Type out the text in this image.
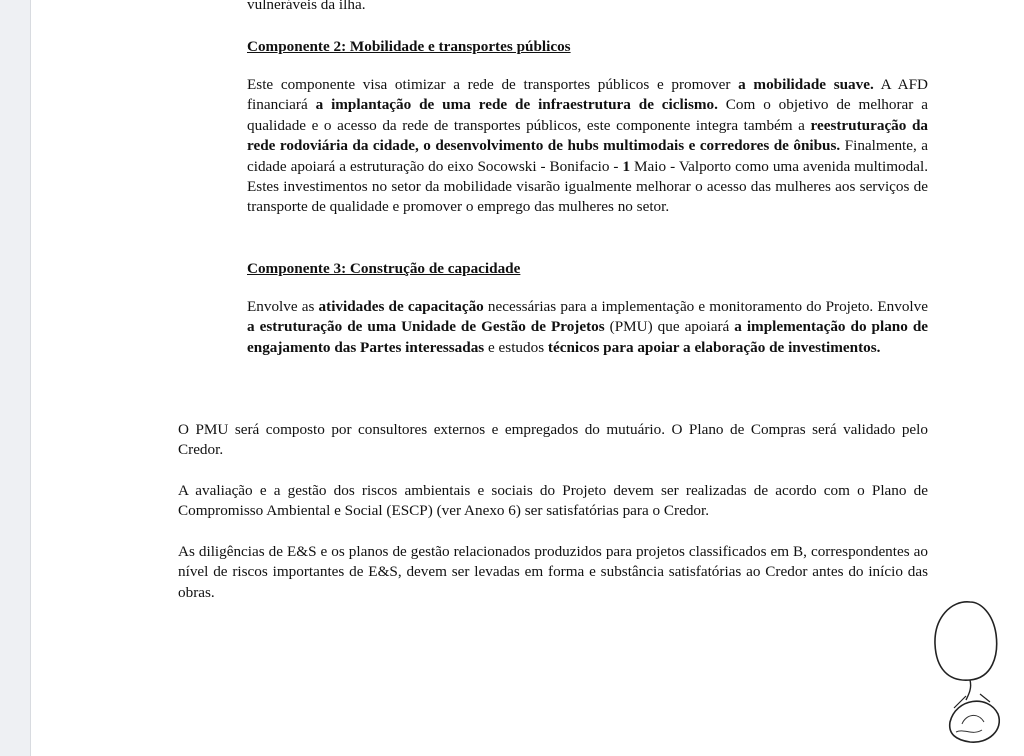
vulneráveis da ilha.
Componente 2: Mobilidade e transportes públicos
Este componente visa otimizar a rede de transportes públicos e promover a mobilidade suave. A AFD financiará a implantação de uma rede de infraestrutura de ciclismo. Com o objetivo de melhorar a qualidade e o acesso da rede de transportes públicos, este componente integra também a reestruturação da rede rodoviária da cidade, o desenvolvimento de hubs multimodais e corredores de ônibus. Finalmente, a cidade apoiará a estruturação do eixo Socowski - Bonifacio - 1 Maio - Valporto como uma avenida multimodal. Estes investimentos no setor da mobilidade visarão igualmente melhorar o acesso das mulheres aos serviços de transporte de qualidade e promover o emprego das mulheres no setor.
Componente 3: Construção de capacidade
Envolve as atividades de capacitação necessárias para a implementação e monitoramento do Projeto. Envolve a estruturação de uma Unidade de Gestão de Projetos (PMU) que apoiará a implementação do plano de engajamento das Partes interessadas e estudos técnicos para apoiar a elaboração de investimentos.
O PMU será composto por consultores externos e empregados do mutuário. O Plano de Compras será validado pelo Credor.
A avaliação e a gestão dos riscos ambientais e sociais do Projeto devem ser realizadas de acordo com o Plano de Compromisso Ambiental e Social (ESCP) (ver Anexo 6) ser satisfatórias para o Credor.
As diligências de E&S e os planos de gestão relacionados produzidos para projetos classificados em B, correspondentes ao nível de riscos importantes de E&S, devem ser levadas em forma e substância satisfatórias ao Credor antes do início das obras.
